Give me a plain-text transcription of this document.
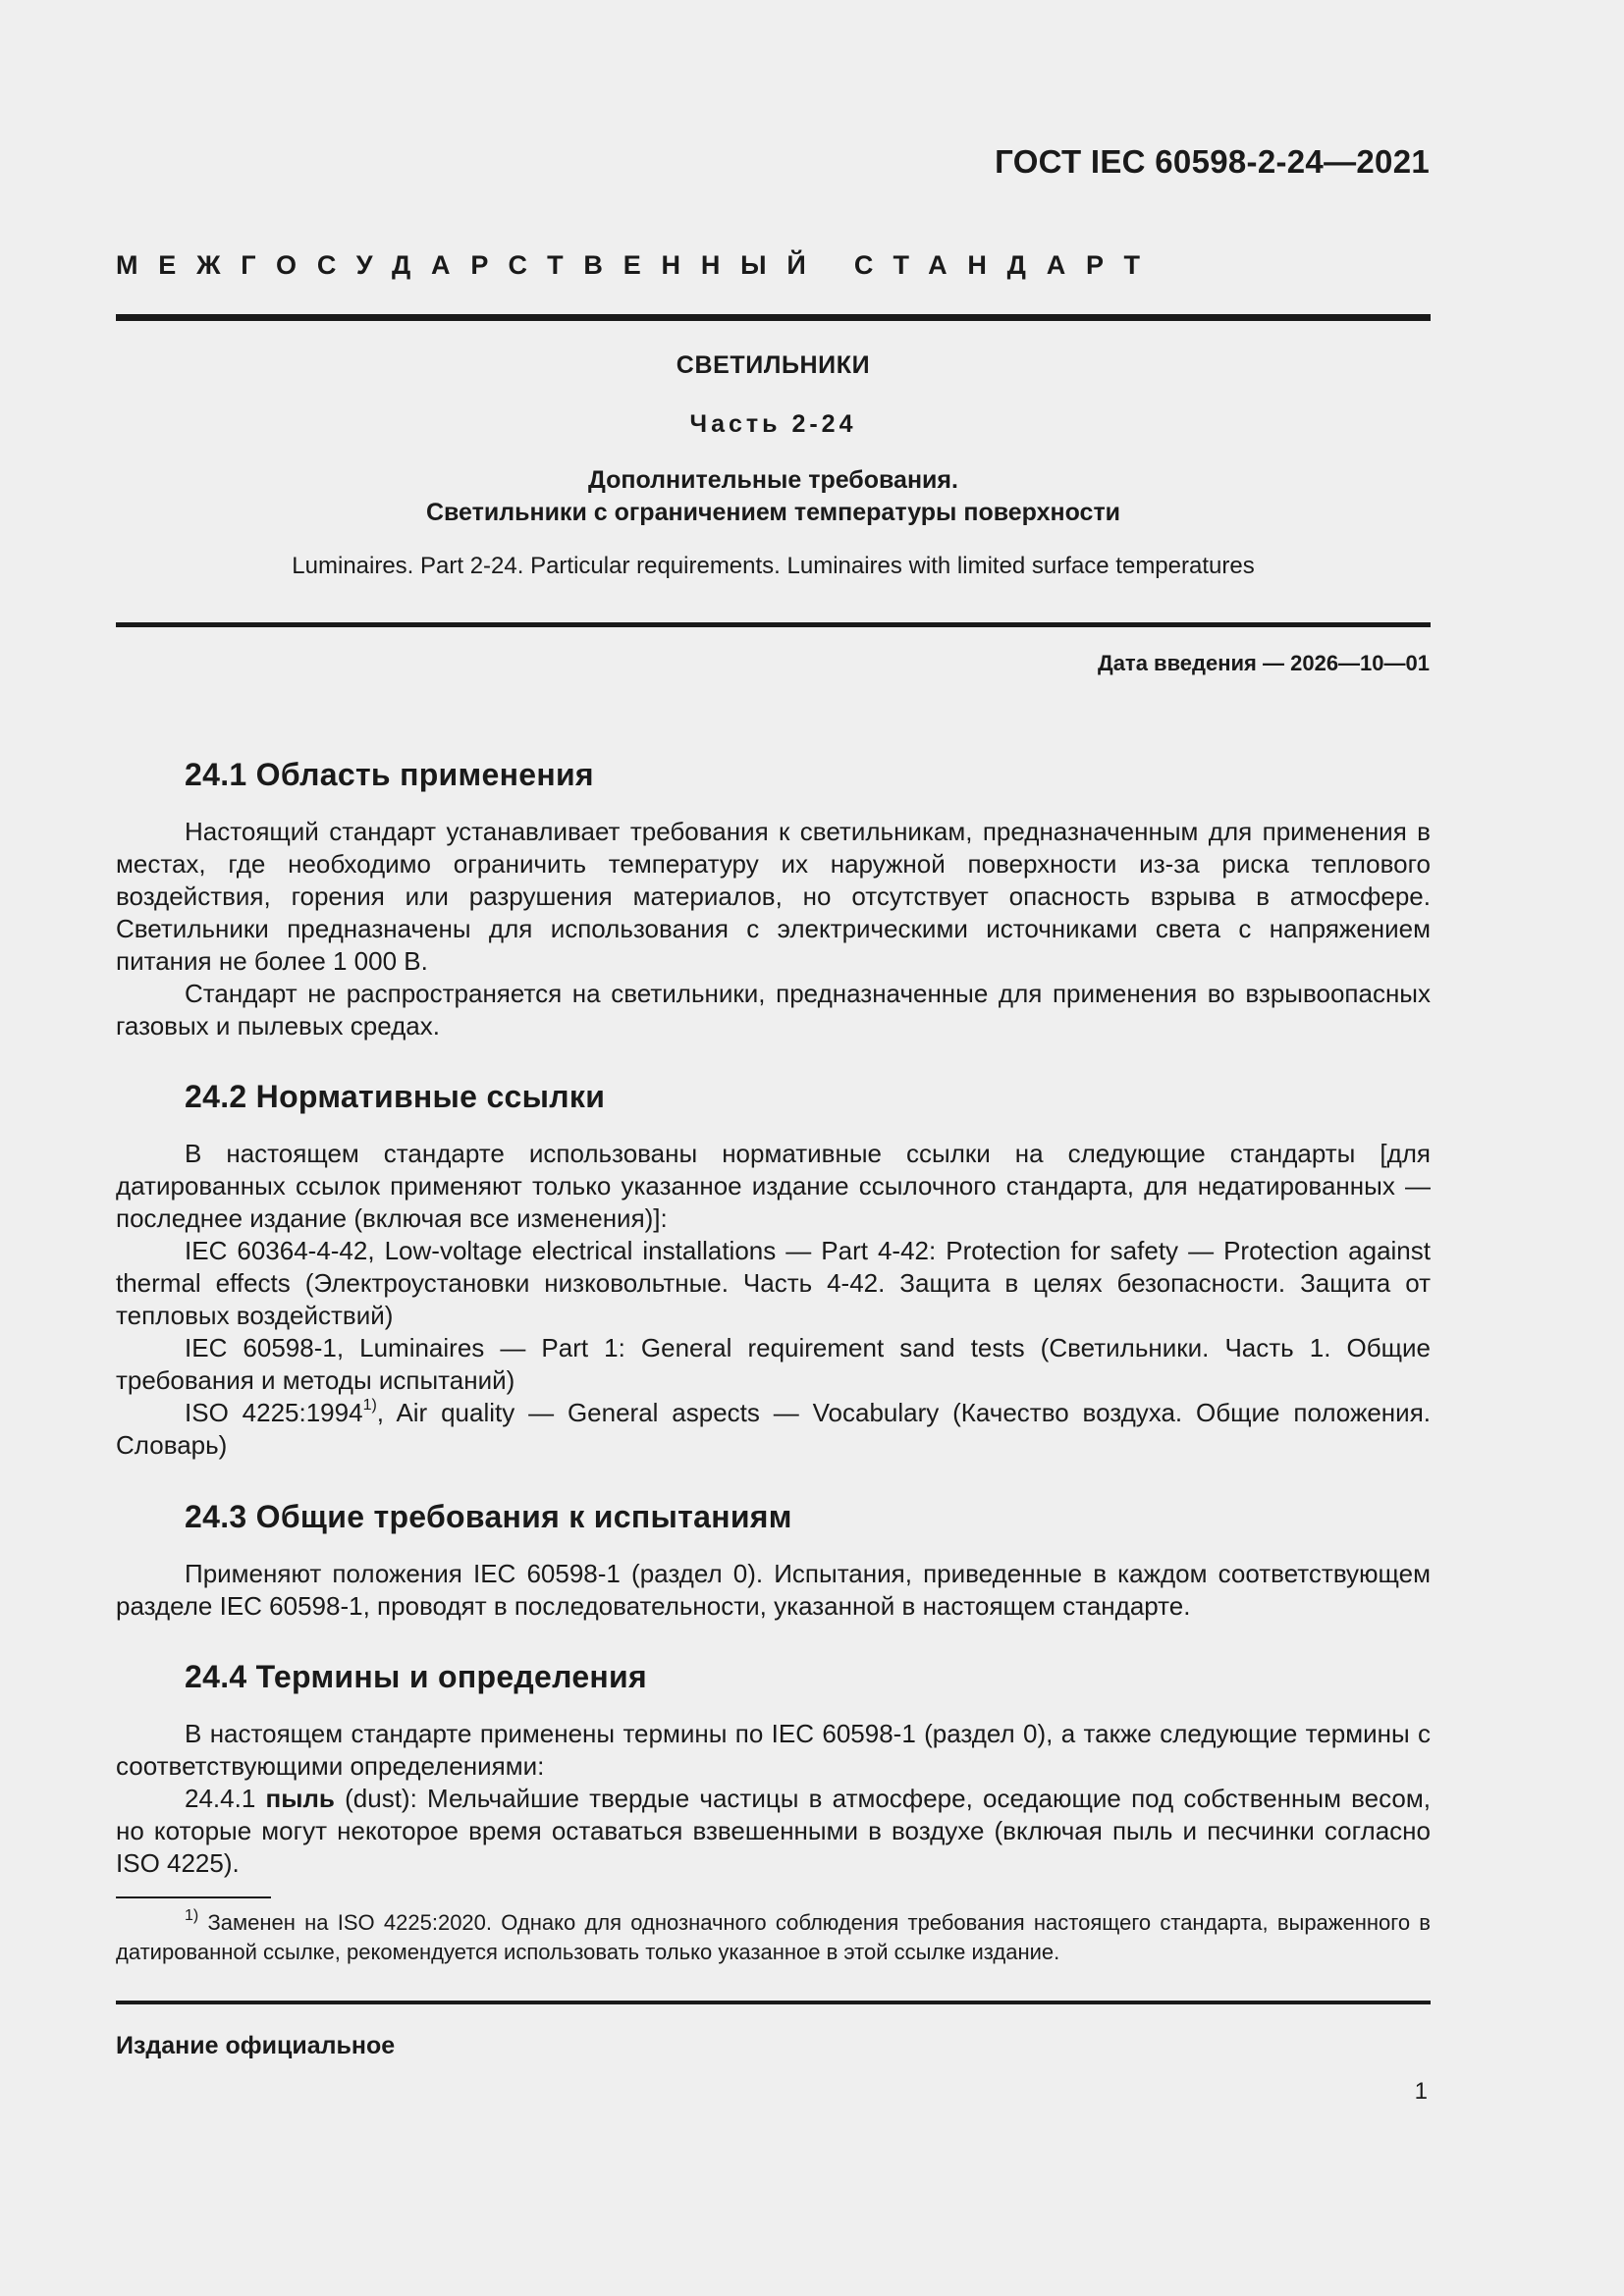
ГОСТ IEC 60598-2-24—2021
МЕЖГОСУДАРСТВЕННЫЙ СТАНДАРТ
СВЕТИЛЬНИКИ
Часть 2-24
Дополнительные требования.
Светильники с ограничением температуры поверхности
Luminaires. Part 2-24. Particular requirements. Luminaires with limited surface temperatures
Дата введения — 2026—10—01
24.1 Область применения

Настоящий стандарт устанавливает требования к светильникам, предназначенным для применения в местах, где необходимо ограничить температуру их наружной поверхности из-за риска теплового воздействия, горения или разрушения материалов, но отсутствует опасность взрыва в атмосфере. Светильники предназначены для использования с электрическими источниками света с напряжением питания не более 1 000 В.

Стандарт не распространяется на светильники, предназначенные для применения во взрывоопасных газовых и пылевых средах.

24.2 Нормативные ссылки

В настоящем стандарте использованы нормативные ссылки на следующие стандарты [для датированных ссылок применяют только указанное издание ссылочного стандарта, для недатированных — последнее издание (включая все изменения)]:

IEC 60364-4-42, Low-voltage electrical installations — Part 4-42: Protection for safety — Protection against thermal effects (Электроустановки низковольтные. Часть 4-42. Защита в целях безопасности. Защита от тепловых воздействий)

IEC 60598-1, Luminaires — Part 1: General requirement sand tests (Светильники. Часть 1. Общие требования и методы испытаний)

ISO 4225:1994$^{1)}$, Air quality — General aspects — Vocabulary (Качество воздуха. Общие положения. Словарь)

24.3 Общие требования к испытаниям

Применяют положения IEC 60598-1 (раздел 0). Испытания, приведенные в каждом соответствующем разделе IEC 60598-1, проводят в последовательности, указанной в настоящем стандарте.

24.4 Термины и определения

В настоящем стандарте применены термины по IEC 60598-1 (раздел 0), а также следующие термины с соответствующими определениями:

24.4.1 пыль (dust): Мельчайшие твердые частицы в атмосфере, оседающие под собственным весом, но которые могут некоторое время оставаться взвешенными в воздухе (включая пыль и песчинки согласно ISO 4225).

$^{1)}$ Заменен на ISO 4225:2020. Однако для однозначного соблюдения требования настоящего стандарта, выраженного в датированной ссылке, рекомендуется использовать только указанное в этой ссылке издание.

Издание официальное
1
